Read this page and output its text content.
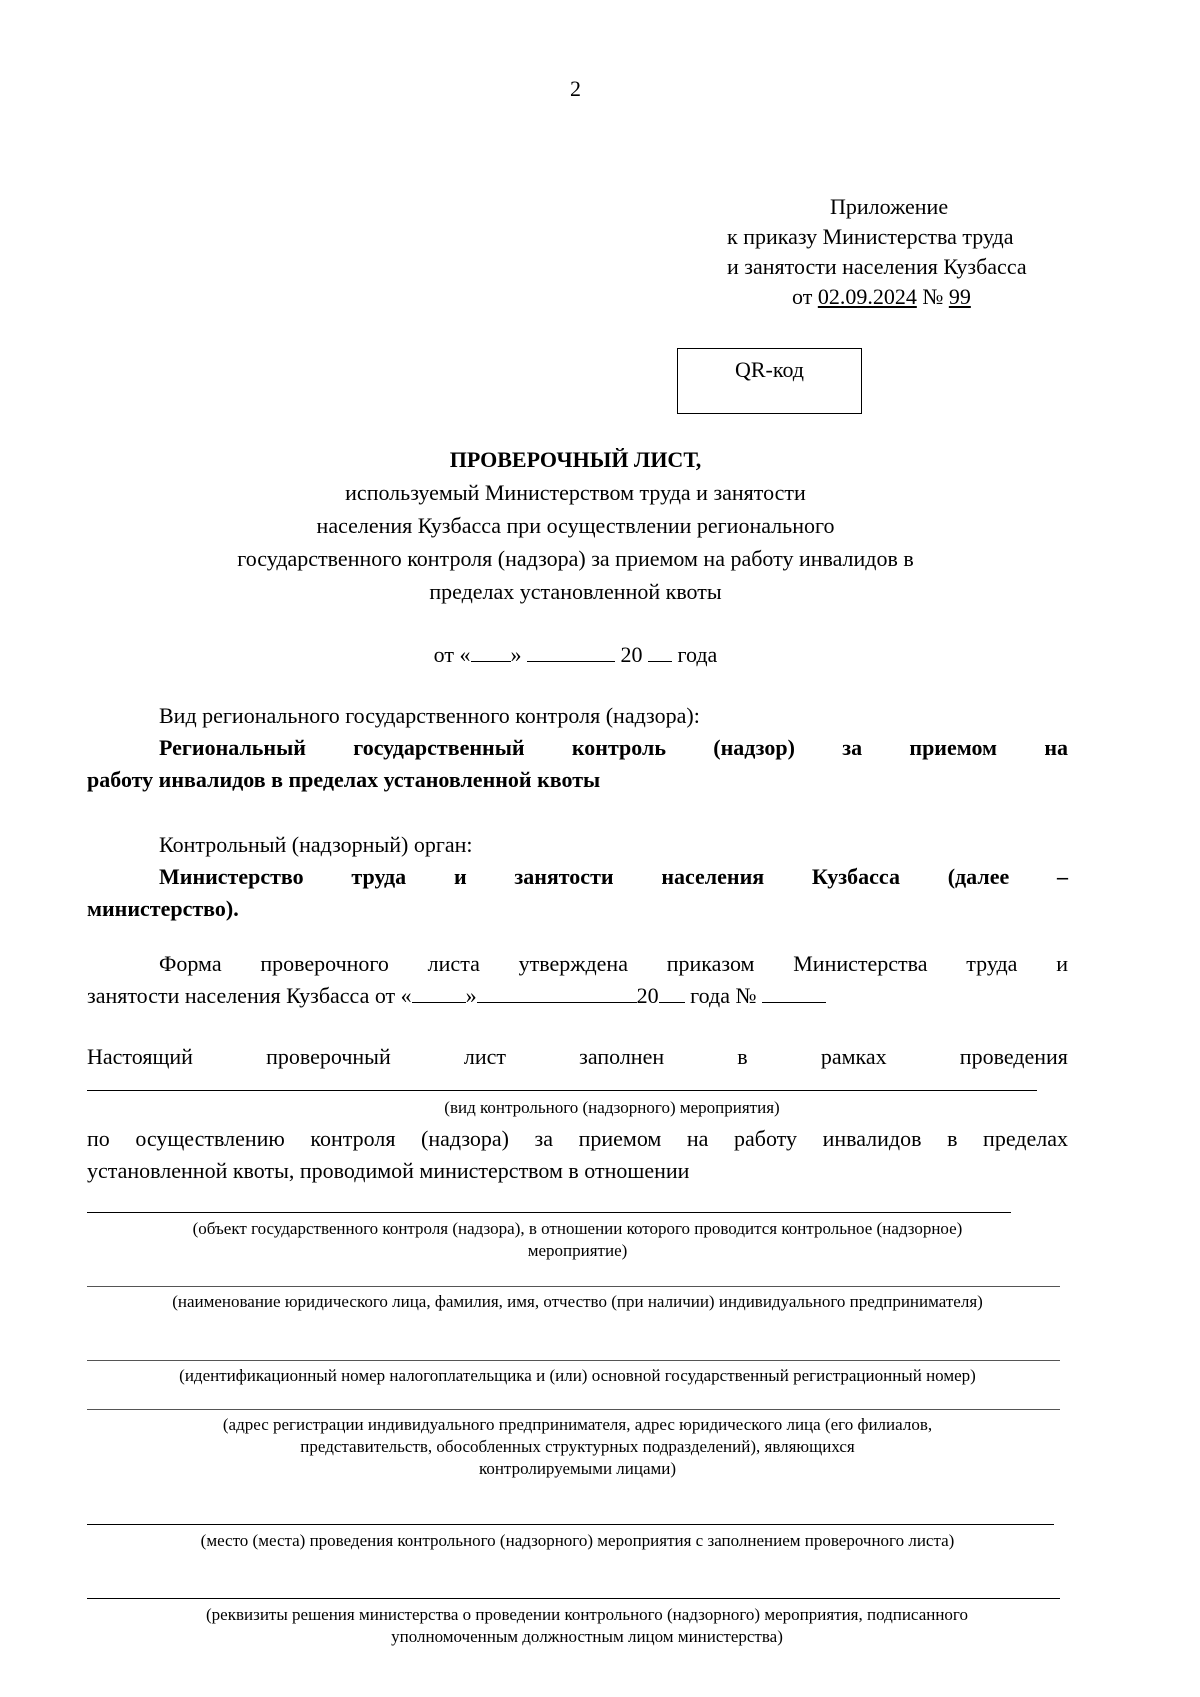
2
Приложение
к приказу Министерства труда
и занятости населения Кузбасса
от 02.09.2024 № 99
QR-код
ПРОВЕРОЧНЫЙ ЛИСТ,
используемый Министерством труда и занятости
населения Кузбасса при осуществлении регионального
государственного контроля (надзора) за приемом на работу инвалидов в
пределах установленной квоты
от « »	20 года
Вид регионального государственного контроля (надзора):
Региональный государственный контроль (надзор) за приемом на
работу инвалидов в пределах установленной квоты
Контрольный (надзорный) орган:
Министерство труда и занятости населения Кузбасса (далее –
министерство).
Форма проверочного листа утверждена приказом Министерства труда и
занятости населения Кузбасса от « »	20 года №
Настоящий	проверочный	лист	заполнен	в	рамках	проведения
(вид контрольного (надзорного) мероприятия)
по осуществлению контроля (надзора) за приемом на работу инвалидов в пределах
установленной квоты, проводимой министерством в отношении
(объект государственного контроля (надзора), в отношении которого проводится контрольное (надзорное)
мероприятие)
(наименование юридического лица, фамилия, имя, отчество (при наличии) индивидуального предпринимателя)
(идентификационный номер налогоплательщика и (или) основной государственный регистрационный номер)
(адрес регистрации индивидуального предпринимателя, адрес юридического лица (его филиалов,
представительств, обособленных структурных подразделений), являющихся
контролируемыми лицами)
(место (места) проведения контрольного (надзорного) мероприятия с заполнением проверочного листа)
(реквизиты решения министерства о проведении контрольного (надзорного) мероприятия, подписанного
уполномоченным должностным лицом министерства)
